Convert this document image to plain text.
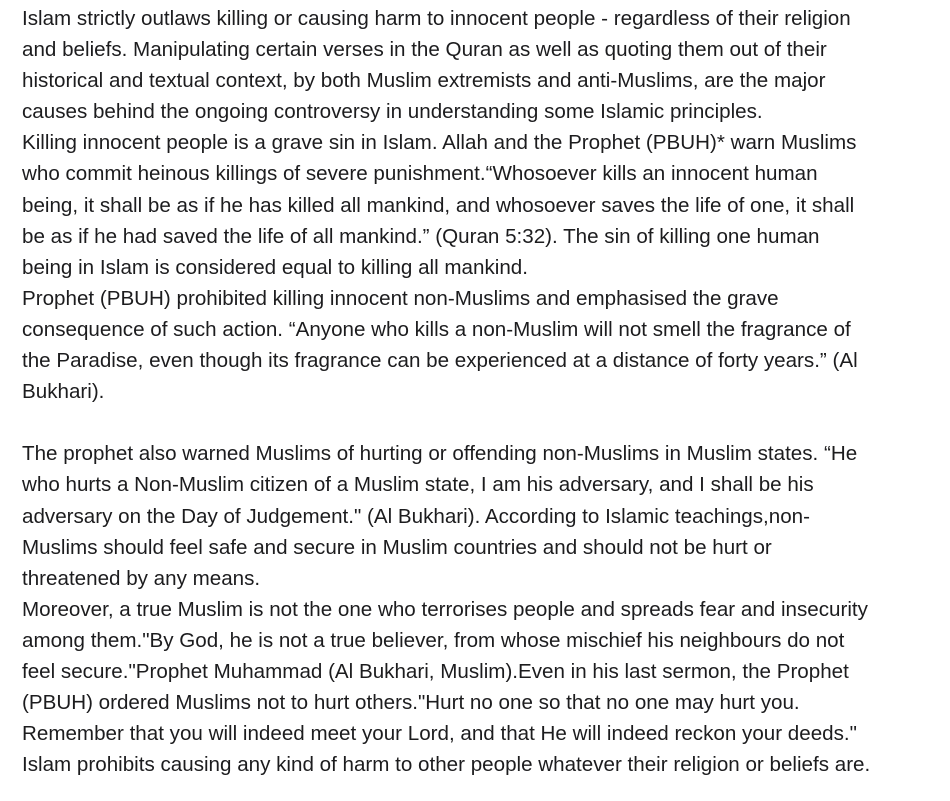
Islam strictly outlaws killing or causing harm to innocent people - regardless of their religion
and beliefs. Manipulating certain verses in the Quran as well as quoting them out of their
historical and textual context, by both Muslim extremists and anti-Muslims, are the major
causes behind the ongoing controversy in understanding some Islamic principles.

Killing innocent people is a grave sin in Islam. Allah and the Prophet (PBUH)* warn Muslims
who commit heinous killings of severe punishment.“Whosoever kills an innocent human
being, it shall be as if he has killed all mankind, and whosoever saves the life of one, it shall
be as if he had saved the life of all mankind.” (Quran 5:32). The sin of killing one human
being in Islam is considered equal to killing all mankind.

Prophet (PBUH) prohibited killing innocent non-Muslims and emphasised the grave
consequence of such action. “Anyone who kills a non-Muslim will not smell the fragrance of
the Paradise, even though its fragrance can be experienced at a distance of forty years.” (Al
Bukhari).

The prophet also warned Muslims of hurting or offending non-Muslims in Muslim states. “He
who hurts a Non-Muslim citizen of a Muslim state, I am his adversary, and I shall be his
adversary on the Day of Judgement." (Al Bukhari). According to Islamic teachings,non-
Muslims should feel safe and secure in Muslim countries and should not be hurt or
threatened by any means.

Moreover, a true Muslim is not the one who terrorises people and spreads fear and insecurity
among them."By God, he is not a true believer, from whose mischief his neighbours do not
feel secure."Prophet Muhammad (Al Bukhari, Muslim).Even in his last sermon, the Prophet
(PBUH) ordered Muslims not to hurt others."Hurt no one so that no one may hurt you.
Remember that you will indeed meet your Lord, and that He will indeed reckon your deeds."
Islam prohibits causing any kind of harm to other people whatever their religion or beliefs are.
